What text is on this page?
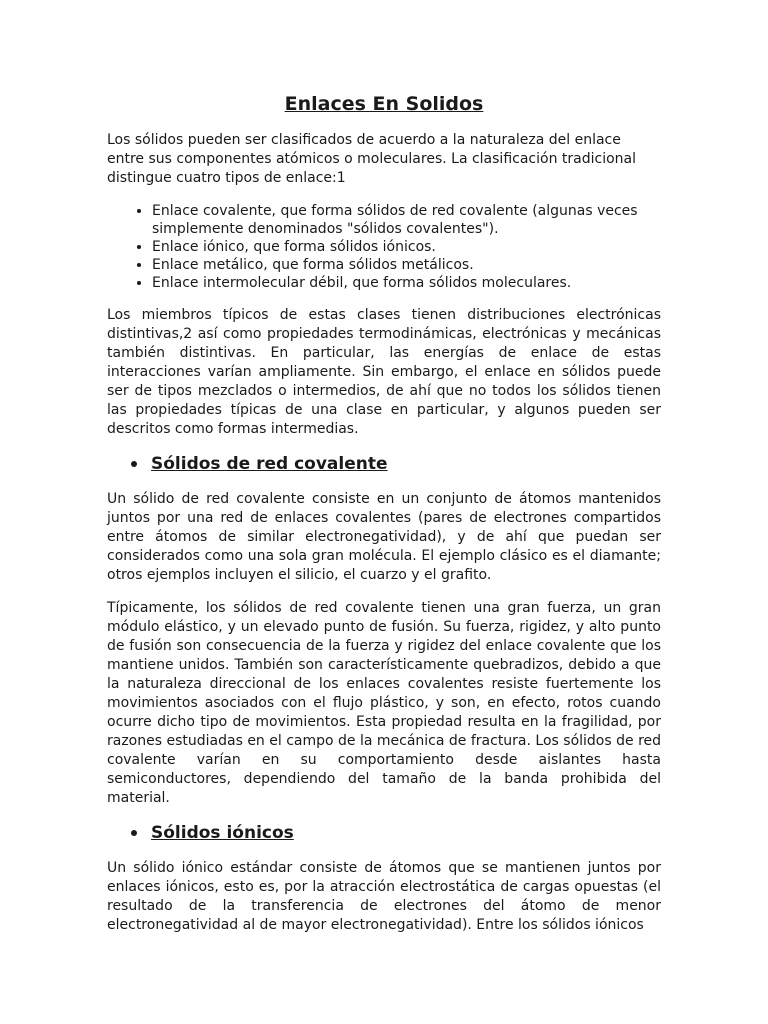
Enlaces En Solidos

Los sólidos pueden ser clasificados de acuerdo a la naturaleza del enlace entre sus componentes atómicos o moleculares. La clasificación tradicional distingue cuatro tipos de enlace:1

• Enlace covalente, que forma sólidos de red covalente (algunas veces simplemente denominados "sólidos covalentes").
• Enlace iónico, que forma sólidos iónicos.
• Enlace metálico, que forma sólidos metálicos.
• Enlace intermolecular débil, que forma sólidos moleculares.

Los miembros típicos de estas clases tienen distribuciones electrónicas distintivas,2 así como propiedades termodinámicas, electrónicas y mecánicas también distintivas. En particular, las energías de enlace de estas interacciones varían ampliamente. Sin embargo, el enlace en sólidos puede ser de tipos mezclados o intermedios, de ahí que no todos los sólidos tienen las propiedades típicas de una clase en particular, y algunos pueden ser descritos como formas intermedias.

Sólidos de red covalente

Un sólido de red covalente consiste en un conjunto de átomos mantenidos juntos por una red de enlaces covalentes (pares de electrones compartidos entre átomos de similar electronegatividad), y de ahí que puedan ser considerados como una sola gran molécula. El ejemplo clásico es el diamante; otros ejemplos incluyen el silicio, el cuarzo y el grafito.

Típicamente, los sólidos de red covalente tienen una gran fuerza, un gran módulo elástico, y un elevado punto de fusión. Su fuerza, rigidez, y alto punto de fusión son consecuencia de la fuerza y rigidez del enlace covalente que los mantiene unidos. También son característicamente quebradizos, debido a que la naturaleza direccional de los enlaces covalentes resiste fuertemente los movimientos asociados con el flujo plástico, y son, en efecto, rotos cuando ocurre dicho tipo de movimientos. Esta propiedad resulta en la fragilidad, por razones estudiadas en el campo de la mecánica de fractura. Los sólidos de red covalente varían en su comportamiento desde aislantes hasta semiconductores, dependiendo del tamaño de la banda prohibida del material.

Sólidos iónicos

Un sólido iónico estándar consiste de átomos que se mantienen juntos por enlaces iónicos, esto es, por la atracción electrostática de cargas opuestas (el resultado de la transferencia de electrones del átomo de menor electronegatividad al de mayor electronegatividad). Entre los sólidos iónicos
